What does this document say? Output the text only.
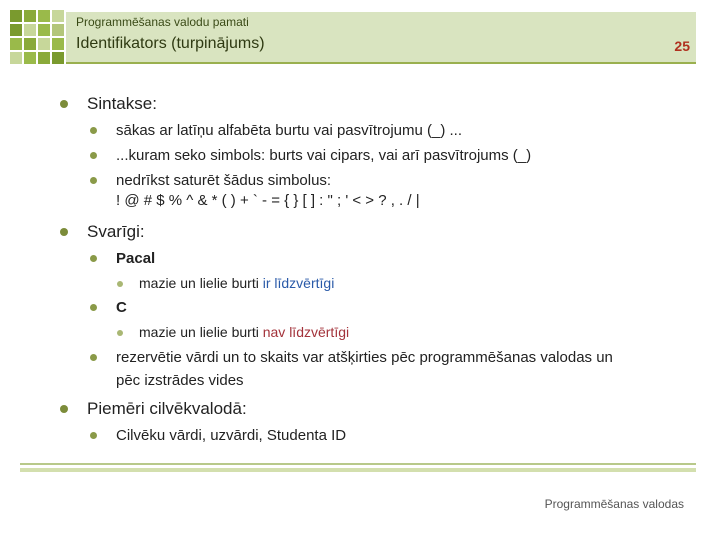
Programmēšanas valodu pamati
Identifikators (turpinājums)	25
Sintakse:
sākas ar latīņu alfabēta burtu vai pasvītrojumu (_) ...
...kuram seko simbols: burts vai cipars, vai arī pasvītrojums (_)
nedrīkst saturēt šādus simbolus:
! @ # $ % ^ & * ( ) + ` - = { } [ ] : " ; ' < > ? , . / |
Svarīgi:
Pacal
mazie un lielie burti ir līdzvērtīgi
C
mazie un lielie burti nav līdzvērtīgi
rezervētie vārdi un to skaits var atšķirties pēc programmēšanas valodas un
pēc izstrādes vides
Piemēri cilvēkvalodā:
Cilvēku vārdi, uzvārdi, Studenta ID
Programmēšanas valodas
